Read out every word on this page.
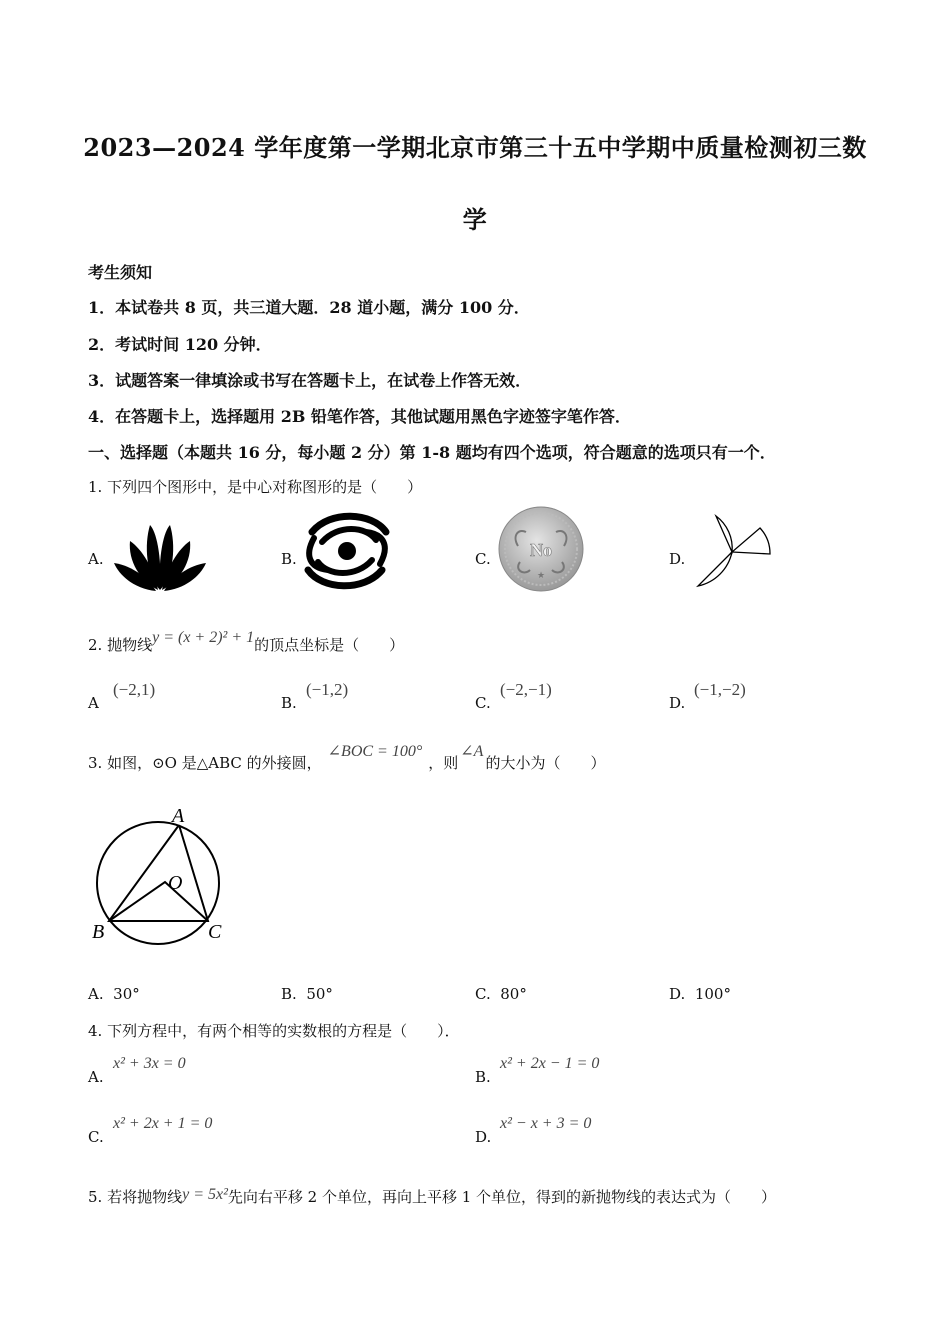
2023—2024 学年度第一学期北京市第三十五中学期中质量检测初三数
学
考生须知
1．本试卷共 8 页，共三道大题．28 道小题，满分 100 分．
2．考试时间 120 分钟．
3．试题答案一律填涂或书写在答题卡上，在试卷上作答无效．
4．在答题卡上，选择题用 2B 铅笔作答，其他试题用黑色字迹签字笔作答．
一、选择题（本题共 16 分，每小题 2 分）第 1-8 题均有四个选项，符合题意的选项只有一个．
1. 下列四个图形中，是中心对称图形的是（　　）
A.	B.	C. No
★
D.
2. 抛物线y = (x + 2)² + 1的顶点坐标是（　　）
A
(−2,1)
B.
(−1,2)
C.
(−2,−1)
D.
(−1,−2)
3. 如图，⊙O 是△ABC 的外接圆，∠BOC = 100°，则∠A的大小为（　　）
A
O
B	C
A. 30°	B. 50°	C. 80°	D. 100°
4. 下列方程中，有两个相等的实数根的方程是（　　）．
A.
x² + 3x = 0
B.
x² + 2x − 1 = 0
C.
x² + 2x + 1 = 0
D.
x² − x + 3 = 0
5. 若将抛物线y = 5x²先向右平移 2 个单位，再向上平移 1 个单位，得到的新抛物线的表达式为（　　）
